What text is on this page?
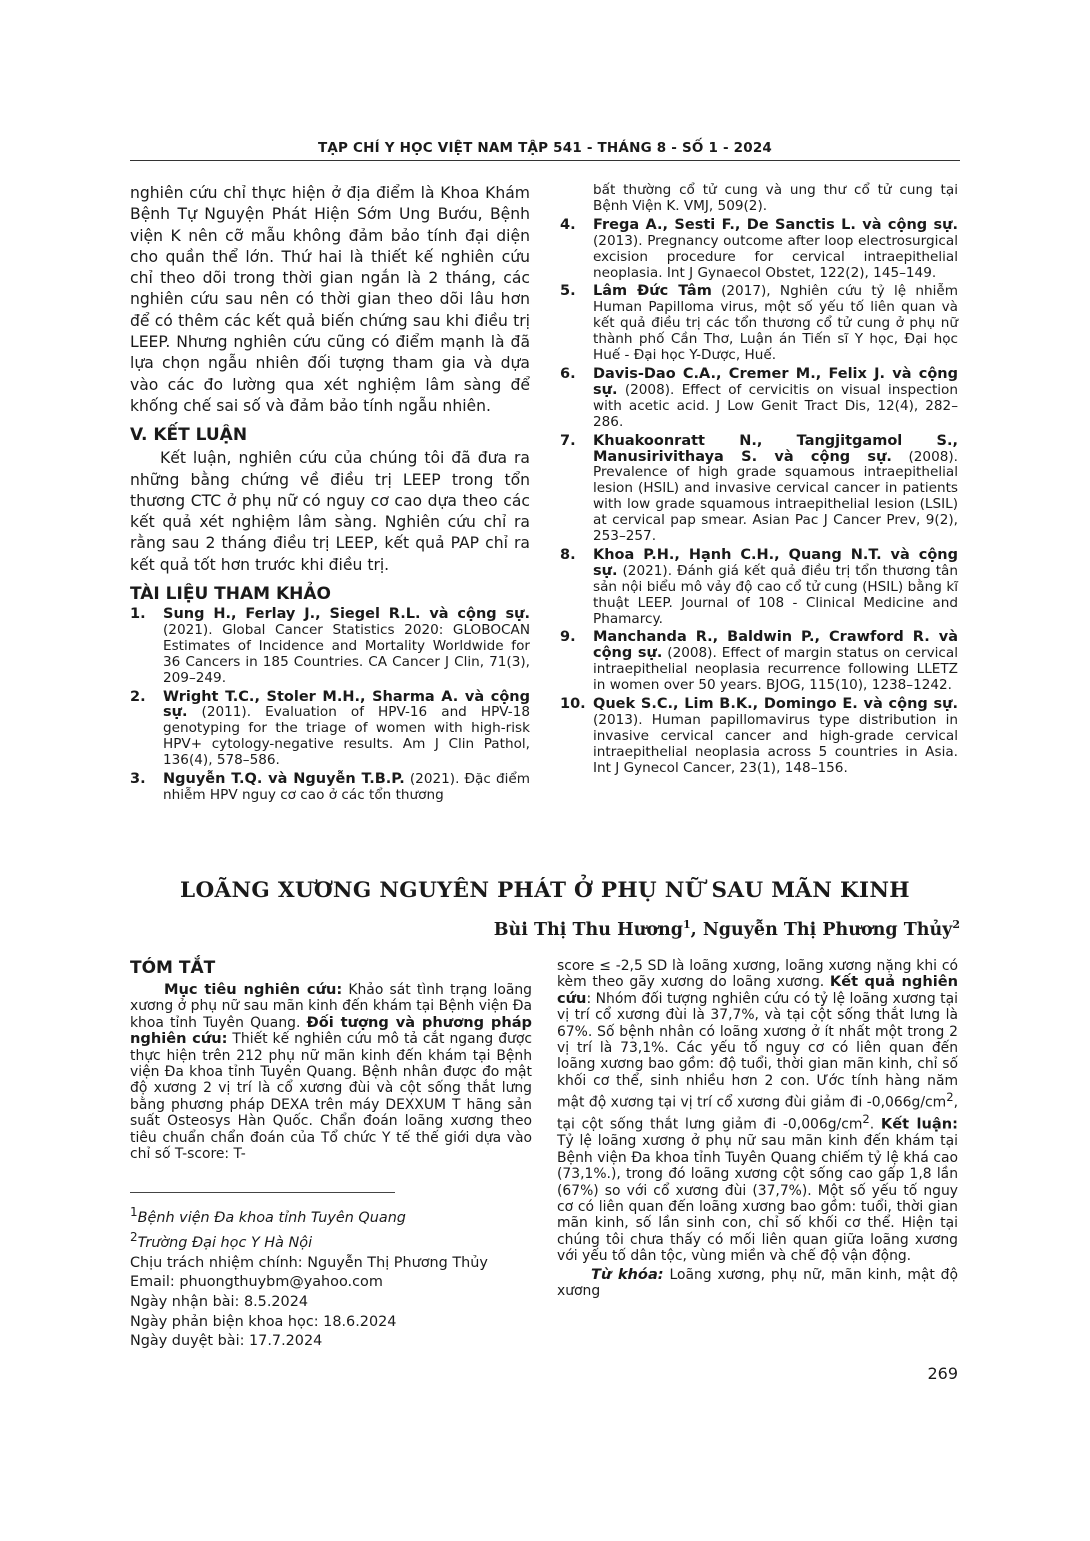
TẠP CHÍ Y HỌC VIỆT NAM TẬP 541 - THÁNG 8 - SỐ 1 - 2024

nghiên cứu chỉ thực hiện ở địa điểm là Khoa Khám Bệnh Tự Nguyện Phát Hiện Sớm Ung Bướu, Bệnh viện K nên cỡ mẫu không đảm bảo tính đại diện cho quần thể lớn. Thứ hai là thiết kế nghiên cứu chỉ theo dõi trong thời gian ngắn là 2 tháng, các nghiên cứu sau nên có thời gian theo dõi lâu hơn để có thêm các kết quả biến chứng sau khi điều trị LEEP. Nhưng nghiên cứu cũng có điểm mạnh là đã lựa chọn ngẫu nhiên đối tượng tham gia và dựa vào các đo lường qua xét nghiệm lâm sàng để khống chế sai số và đảm bảo tính ngẫu nhiên.

V. KẾT LUẬN

Kết luận, nghiên cứu của chúng tôi đã đưa ra những bằng chứng về điều trị LEEP trong tổn thương CTC ở phụ nữ có nguy cơ cao dựa theo các kết quả xét nghiệm lâm sàng. Nghiên cứu chỉ ra rằng sau 2 tháng điều trị LEEP, kết quả PAP chỉ ra kết quả tốt hơn trước khi điều trị.

TÀI LIỆU THAM KHẢO
1. Sung H., Ferlay J., Siegel R.L. và cộng sự. (2021). Global Cancer Statistics 2020: GLOBOCAN Estimates of Incidence and Mortality Worldwide for 36 Cancers in 185 Countries. CA Cancer J Clin, 71(3), 209–249.
2. Wright T.C., Stoler M.H., Sharma A. và cộng sự. (2011). Evaluation of HPV-16 and HPV-18 genotyping for the triage of women with high-risk HPV+ cytology-negative results. Am J Clin Pathol, 136(4), 578–586.
3. Nguyễn T.Q. và Nguyễn T.B.P. (2021). Đặc điểm nhiễm HPV nguy cơ cao ở các tổn thương
bất thường cổ tử cung và ung thư cổ tử cung tại Bệnh Viện K. VMJ, 509(2).
4. Frega A., Sesti F., De Sanctis L. và cộng sự. (2013). Pregnancy outcome after loop electrosurgical excision procedure for cervical intraepithelial neoplasia. Int J Gynaecol Obstet, 122(2), 145–149.
5. Lâm Đức Tâm (2017), Nghiên cứu tỷ lệ nhiễm Human Papilloma virus, một số yếu tố liên quan và kết quả điều trị các tổn thương cổ tử cung ở phụ nữ thành phố Cần Thơ, Luận án Tiến sĩ Y học, Đại học Huế - Đại học Y-Dược, Huế.
6. Davis-Dao C.A., Cremer M., Felix J. và cộng sự. (2008). Effect of cervicitis on visual inspection with acetic acid. J Low Genit Tract Dis, 12(4), 282–286.
7. Khuakoonratt N., Tangjitgamol S., Manusirivithaya S. và cộng sự. (2008). Prevalence of high grade squamous intraepithelial lesion (HSIL) and invasive cervical cancer in patients with low grade squamous intraepithelial lesion (LSIL) at cervical pap smear. Asian Pac J Cancer Prev, 9(2), 253–257.
8. Khoa P.H., Hạnh C.H., Quang N.T. và cộng sự. (2021). Đánh giá kết quả điều trị tổn thương tân sản nội biểu mô vảy độ cao cổ tử cung (HSIL) bằng kĩ thuật LEEP. Journal of 108 - Clinical Medicine and Phamarcy.
9. Manchanda R., Baldwin P., Crawford R. và cộng sự. (2008). Effect of margin status on cervical intraepithelial neoplasia recurrence following LLETZ in women over 50 years. BJOG, 115(10), 1238–1242.
10. Quek S.C., Lim B.K., Domingo E. và cộng sự. (2013). Human papillomavirus type distribution in invasive cervical cancer and high-grade cervical intraepithelial neoplasia across 5 countries in Asia. Int J Gynecol Cancer, 23(1), 148–156.
LOÃNG XƯƠNG NGUYÊN PHÁT Ở PHỤ NỮ SAU MÃN KINH
Bùi Thị Thu Hương$^1$, Nguyễn Thị Phương Thủy$^2$
TÓM TẮT

Mục tiêu nghiên cứu: Khảo sát tình trạng loãng xương ở phụ nữ sau mãn kinh đến khám tại Bệnh viện Đa khoa tỉnh Tuyên Quang. Đối tượng và phương pháp nghiên cứu: Thiết kế nghiên cứu mô tả cắt ngang được thực hiện trên 212 phụ nữ mãn kinh đến khám tại Bệnh viện Đa khoa tỉnh Tuyên Quang. Bệnh nhân được đo mật độ xương 2 vị trí là cổ xương đùi và cột sống thắt lưng bằng phương pháp DEXA trên máy DEXXUM T hãng sản suất Osteosys Hàn Quốc. Chẩn đoán loãng xương theo tiêu chuẩn chẩn đoán của Tổ chức Y tế thế giới dựa vào chỉ số T-score: T-

score ≤ -2,5 SD là loãng xương, loãng xương nặng khi có kèm theo gãy xương do loãng xương. Kết quả nghiên cứu: Nhóm đối tượng nghiên cứu có tỷ lệ loãng xương tại vị trí cổ xương đùi là 37,7%, và tại cột sống thắt lưng là 67%. Số bệnh nhân có loãng xương ở ít nhất một trong 2 vị trí là 73,1%. Các yếu tố nguy cơ có liên quan đến loãng xương bao gồm: độ tuổi, thời gian mãn kinh, chỉ số khối cơ thể, sinh nhiều hơn 2 con. Ước tính hàng năm mật độ xương tại vị trí cổ xương đùi giảm đi $-0,066g/cm^2$, tại cột sống thắt lưng giảm đi $-0,006g/cm^2$. Kết luận: Tỷ lệ loãng xương ở phụ nữ sau mãn kinh đến khám tại Bệnh viện Đa khoa tỉnh Tuyên Quang chiếm tỷ lệ khá cao (73,1%.), trong đó loãng xương cột sống cao gấp 1,8 lần (67%) so với cổ xương đùi (37,7%). Một số yếu tố nguy cơ có liên quan đến loãng xương bao gồm: tuổi, thời gian mãn kinh, số lần sinh con, chỉ số khối cơ thể. Hiện tại chúng tôi chưa thấy có mối liên quan giữa loãng xương với yếu tố dân tộc, vùng miền và chế độ vận động.

Từ khóa: Loãng xương, phụ nữ, mãn kinh, mật độ xương

$^1$Bệnh viện Đa khoa tỉnh Tuyên Quang
$^2$Trường Đại học Y Hà Nội
Chịu trách nhiệm chính: Nguyễn Thị Phương Thủy
Email: phuongthuybm@yahoo.com
Ngày nhận bài: 8.5.2024
Ngày phản biện khoa học: 18.6.2024
Ngày duyệt bài: 17.7.2024
269
